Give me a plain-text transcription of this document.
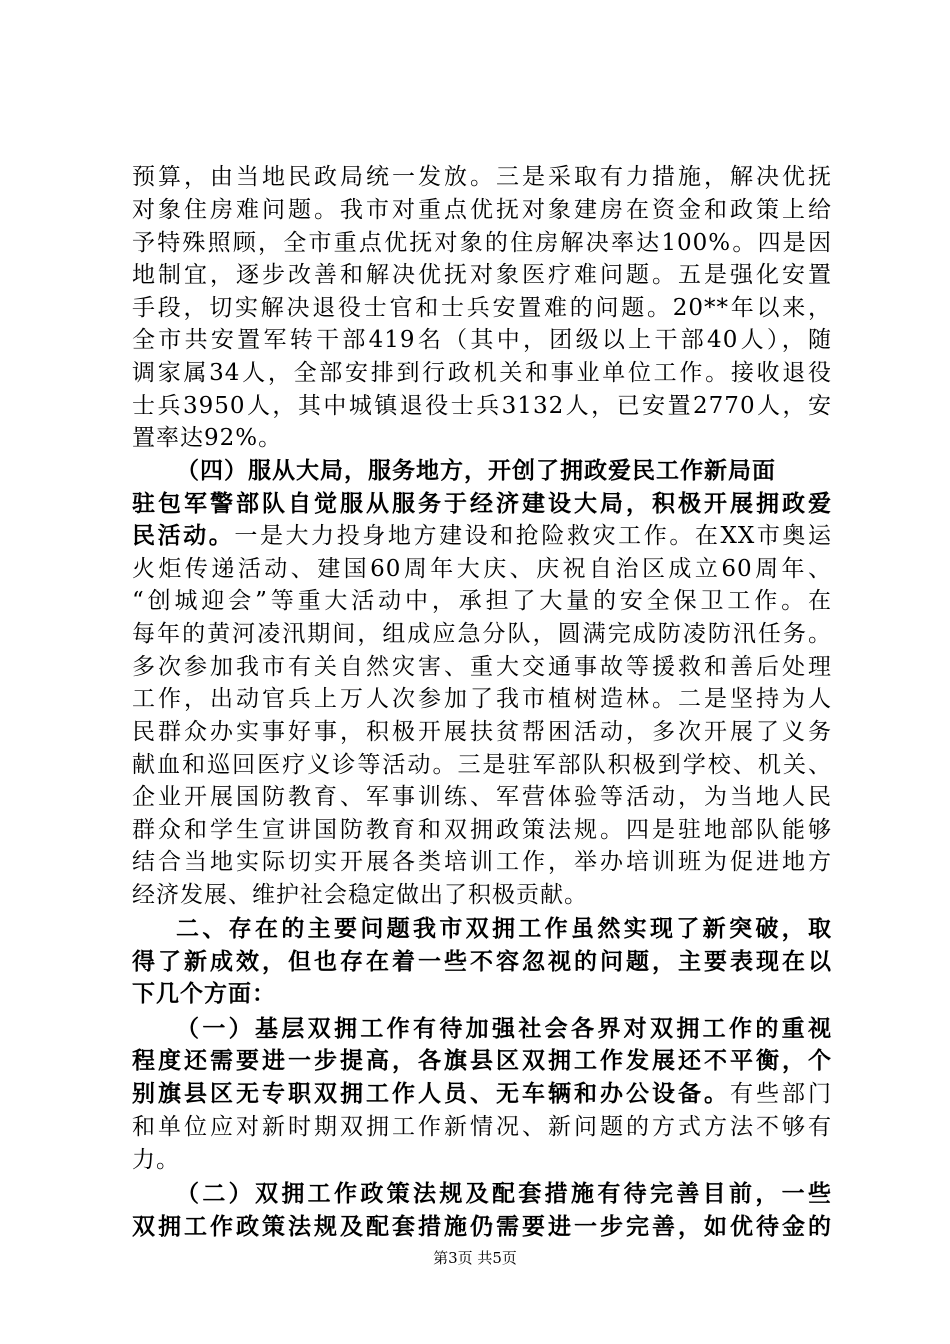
预算，由当地民政局统一发放。三是采取有力措施，解决优抚
对象住房难问题。我市对重点优抚对象建房在资金和政策上给
予特殊照顾，全市重点优抚对象的住房解决率达100%。四是因
地制宜，逐步改善和解决优抚对象医疗难问题。五是强化安置
手段，切实解决退役士官和士兵安置难的问题。20**年以来，
全市共安置军转干部419名（其中，团级以上干部40人），随
调家属34人，全部安排到行政机关和事业单位工作。接收退役
士兵3950人，其中城镇退役士兵3132人，已安置2770人，安
置率达92%。
（四）服从大局，服务地方，开创了拥政爱民工作新局面
驻包军警部队自觉服从服务于经济建设大局，积极开展拥政爱
民活动。一是大力投身地方建设和抢险救灾工作。在XX市奥运
火炬传递活动、建国60周年大庆、庆祝自治区成立60周年、
“创城迎会”等重大活动中，承担了大量的安全保卫工作。在
每年的黄河凌汛期间，组成应急分队，圆满完成防凌防汛任务。
多次参加我市有关自然灾害、重大交通事故等援救和善后处理
工作，出动官兵上万人次参加了我市植树造林。二是坚持为人
民群众办实事好事，积极开展扶贫帮困活动，多次开展了义务
献血和巡回医疗义诊等活动。三是驻军部队积极到学校、机关、
企业开展国防教育、军事训练、军营体验等活动，为当地人民
群众和学生宣讲国防教育和双拥政策法规。四是驻地部队能够
结合当地实际切实开展各类培训工作，举办培训班为促进地方
经济发展、维护社会稳定做出了积极贡献。
二、存在的主要问题我市双拥工作虽然实现了新突破，取
得了新成效，但也存在着一些不容忽视的问题，主要表现在以
下几个方面：
（一）基层双拥工作有待加强社会各界对双拥工作的重视
程度还需要进一步提高，各旗县区双拥工作发展还不平衡，个
别旗县区无专职双拥工作人员、无车辆和办公设备。有些部门
和单位应对新时期双拥工作新情况、新问题的方式方法不够有
力。
（二）双拥工作政策法规及配套措施有待完善目前，一些
双拥工作政策法规及配套措施仍需要进一步完善，如优待金的
第3页 共5页
